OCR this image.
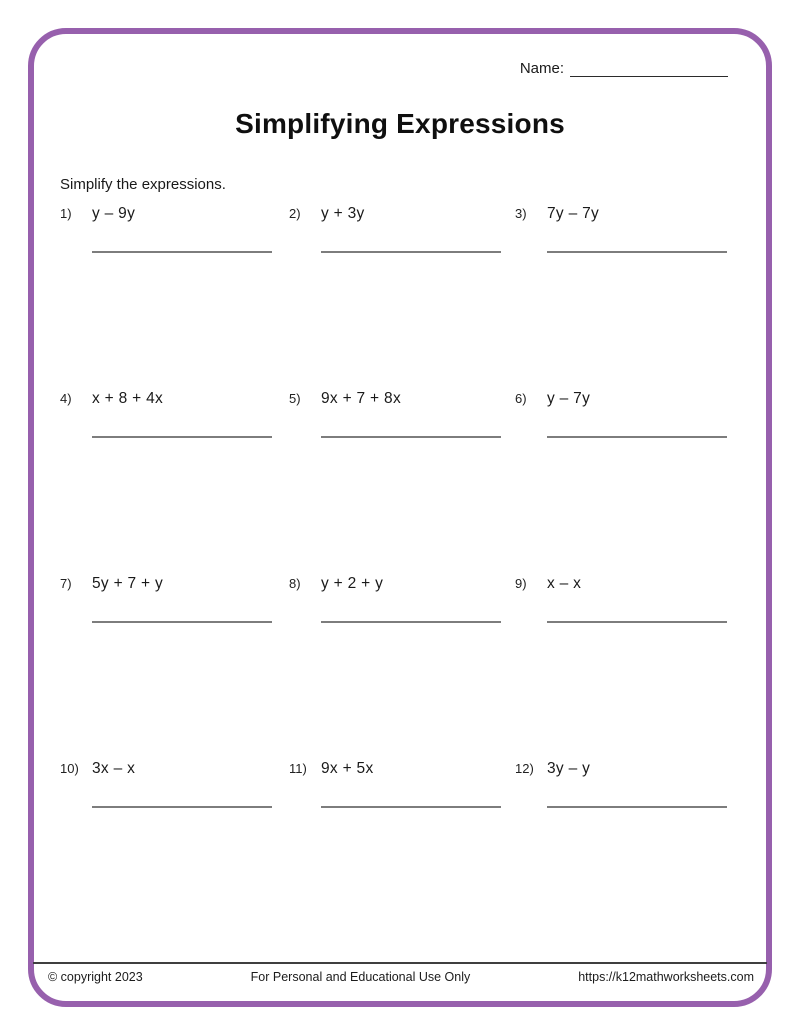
Name:
Simplifying Expressions
Simplify the expressions.
1)	y – 9y	2)	y + 3y	3)	7y – 7y
4)	x + 8 + 4x	5)	9x + 7 + 8x	6)	y – 7y
7)	5y + 7 + y	8)	y + 2 + y	9)	x – x
10) 3x – x	11) 9x + 5x	12) 3y – y
© copyright 2023	For Personal and Educational Use Only	https://k12mathworksheets.com
